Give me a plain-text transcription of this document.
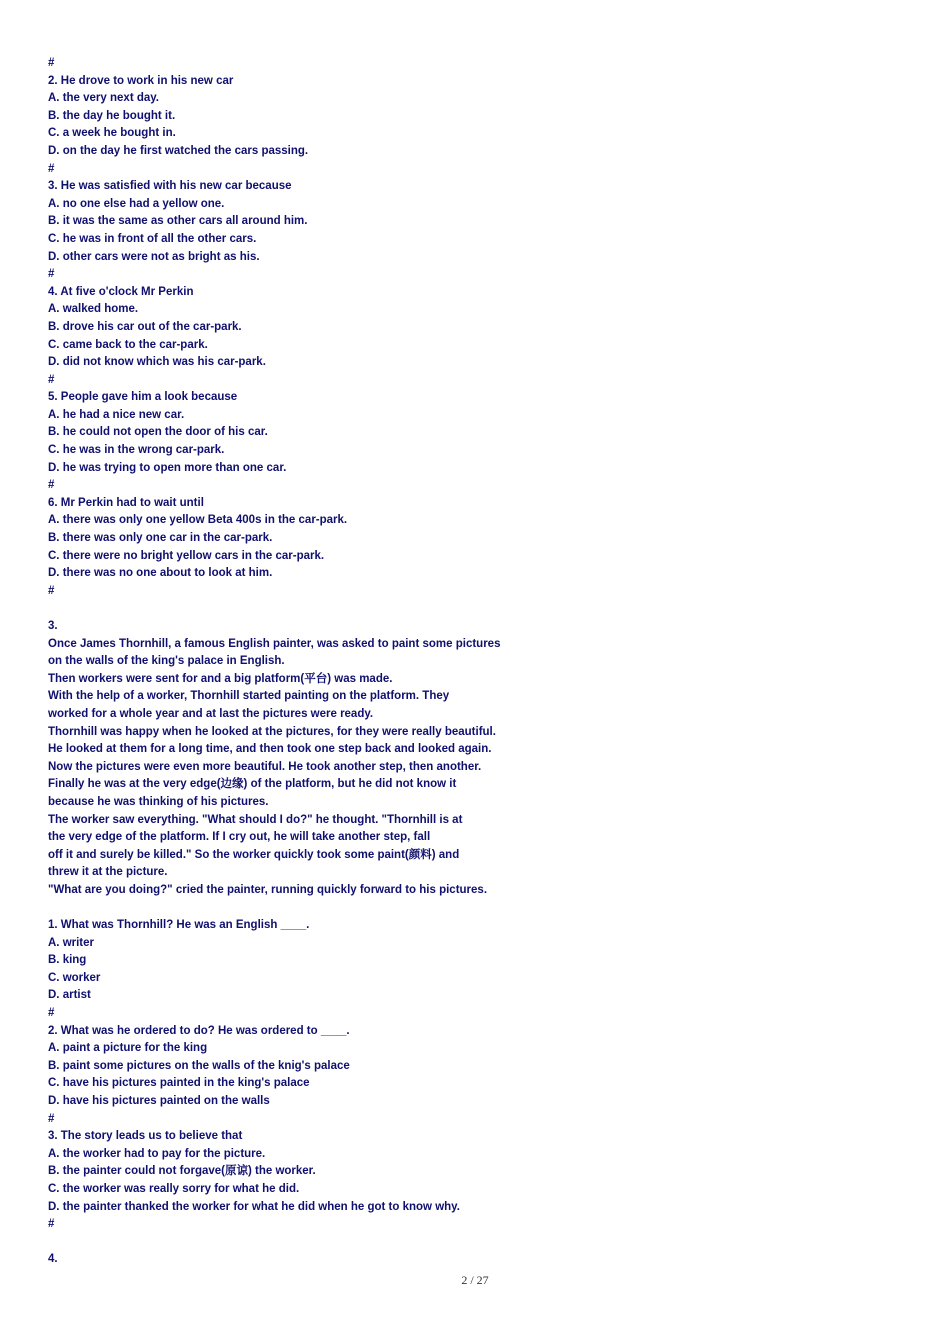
#
2. He drove to work in his new car
A. the very next day.
B. the day he bought it.
C. a week he bought in.
D. on the day he first watched the cars passing.
#
3. He was satisfied with his new car because
A. no one else had a yellow one.
B. it was the same as other cars all around him.
C. he was in front of all the other cars.
D. other cars were not as bright as his.
#
4. At five o'clock Mr Perkin
A. walked home.
B. drove his car out of the car-park.
C. came back to the car-park.
D. did not know which was his car-park.
#
5. People gave him a look because
A. he had a nice new car.
B. he could not open the door of his car.
C. he was in the wrong car-park.
D. he was trying to open more than one car.
#
6. Mr Perkin had to wait until
A. there was only one yellow Beta 400s in the car-park.
B. there was only one car in the car-park.
C. there were no bright yellow cars in the car-park.
D. there was no one about to look at him.
#
3.
Once James Thornhill, a famous English painter, was asked to paint some pictures
on the walls of the king's palace in English.
Then workers were sent for and a big platform(平台) was made.
With the help of a worker, Thornhill started painting on the platform. They
worked for a whole year and at last the pictures were ready.
Thornhill was happy when he looked at the pictures, for they were really beautiful.
He looked at them for a long time, and then took one step back and looked again.
Now the pictures were even more beautiful. He took another step, then another.
Finally he was at the very edge(边缘) of the platform, but he did not know it
because he was thinking of his pictures.
The worker saw everything. "What should I do?" he thought. "Thornhill is at
the very edge of the platform. If I cry out, he will take another step, fall
off it and surely be killed." So the worker quickly took some paint(颜料) and
threw it at the picture.
"What are you doing?" cried the painter, running quickly forward to his pictures.
1. What was Thornhill? He was an English ____.
A. writer
B. king
C. worker
D. artist
#
2. What was he ordered to do? He was ordered to ____.
A. paint a picture for the king
B. paint some pictures on the walls of the knig's palace
C. have his pictures painted in the king's palace
D. have his pictures painted on the walls
#
3. The story leads us to believe that
A. the worker had to pay for the picture.
B. the painter could not forgave(原谅) the worker.
C. the worker was really sorry for what he did.
D. the painter thanked the worker for what he did when he got to know why.
#
4.
2 / 27
